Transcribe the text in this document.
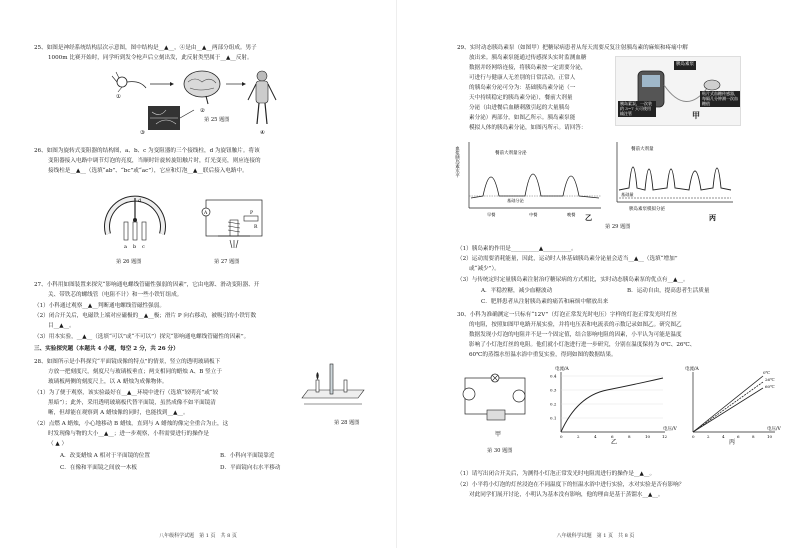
25、如图是神经系统结构层次示意图，图中结构是__▲__，④是由__▲__两部分组成。男子
1000m 比赛开始时，同学听到发令枪声后立刻出发，此反射类型属于__▲__反射。
①
②
④
③
第 25 题图
26、如图为旋转式变阻器的结构图，a、b、c 为变阻器的三个接线柱，d 为旋钮触片。将该
变阻器接入电路中调节灯泡的亮度，当顺时针旋转旋钮触片时，灯光变亮，则应连接的
接线柱是__▲__（选填“ab”、“bc”或“ac”），它应和灯泡__▲__联后接入电路中。
a b c
d
第 26 题图
A	P
R
第 27 题图
27、小科用如图装置来探究“影响通电螺线管磁性强弱的因素”，它由电源、滑动变阻器、开
关、带铁芯的螺线管（电阻不计）和一些小铁钉组成。
（1）小科通过观察__▲__判断通电螺线管磁性强弱。
（2）闭合开关后，电磁铁上端对应磁极的__▲__极；滑片 P 向右移动，被吸引的小铁钉数
目__▲__。
（3）用本实验，__▲__（选填“可以”或“不可以”）探究“影响通电螺线管磁性的因素”。
三、实验探究题（本题共 4 小题，每空 2 分，共 26 分）
28、如图所示是小科探究“平面镜成像的特点”的情景，竖立的透明玻璃板下
方放一把刻度尺，刻度尺与玻璃板垂直；两支相同的蜡烛 A、B 竖立于
玻璃板两侧的刻度尺上，以 A 蜡烛为成像物体。
（1）为了便于观察，该实验最好在__▲__环境中进行（选填“较明亮”或“较
黑暗”）；此外，采用透明玻璃板代替平面镜，虽然成像不如平面镜清
晰，但却能在观察到 A 蜡烛像的同时，也能找到__▲__。
（2）点燃 A 蜡烛，小心地移动 B 蜡烛，直到与 A 蜡烛的像完全重合为止，这
时发现像与物的大小__▲__；进一步观察，小科需要进行的操作是
（ ▲ ）
A．改变蜡烛 A 相对于平面镜的位置	B．小科向平面镜靠近
C．在像和平面镜之间放一木板	D．平面镜向右水平移动
第 28 题图
八年级科学试题　第 1 页　共 8 页
29、实时动态胰岛素泵（如图甲）把糖尿病患者从每天需要反复注射胰岛素的麻烦和疼痛中解
放出来。胰岛素泵能通过传感探头实时监测血糖
数据并经网络连接，将胰岛素按一定需要分泌，
可进行与健康人无差别的日常活动。正常人
的胰岛素分泌可分为：基础胰岛素分泌（一
天中持续稳定的胰岛素分泌），餐前大剂量
分泌（由进餐后血糖刺激引起的大量胰岛
素分泌）两部分，如图乙所示。胰岛素泵能
模拟人体的胰岛素分泌，如图丙所示。请回答：
胰岛素泵
胰岛素泵，一次装约 3~7 天可使用 输注管
贴片式血糖传感器，每隔几分钟测一次血糖值
甲
血浆胰岛素水平	餐前大剂量分泌
基础分泌
早餐	中餐	晚餐 乙
餐前大剂量
基础量
胰岛素泵模拟分泌
丙
第 29 题图
（1）胰岛素的作用是__________▲__________。
（2）运动需要消耗能量，因此，运动时人体基础胰岛素分泌量会适当__▲__（选填“增加”
或“减少”）。
（3）与传统定时定量胰岛素注射治疗糖尿病的方式相比，实时动态胰岛素泵的优点有__▲__。
A．平稳控糖，减少血糖波动	B．运动自由，提高患者生活质量
C．肥胖患者从注射胰岛素的痛苦和麻烦中解放出来
30、小科为准确测定一只标有“12V”（灯泡正常发光时电压）字样的灯泡正常发光时灯丝
的电阻，按照如图甲电路开展实验，并将电压表和电流表的示数记录如图乙。研究图乙
数据发现小灯泡的电阻并不是一个固定值，结合影响电阻的因素，小平认为可能是温度
影响了小灯泡灯丝的电阻。他们就小灯泡进行进一步研究，分别在温度保持为 0℃、26℃、
60℃的蒸馏水恒温水浴中重复实验，得到如图的数据结果。
甲
电流/A
0	2	4	6	8	10	12
0.1
0.2
0.3
0.4
电压/V
乙
电流/A
0℃
26℃
60℃
0	2	4	6	8	10
电压/V
丙
第 30 题图
（1）请写出闭合开关后，为测得小灯泡正常发光时电阻需进行的操作是__▲__。
（2）小平将小灯泡的灯丝浸泡在不同温度下的恒温水浴中进行实验，水对实验是否有影响？
对此同学们展开讨论，小明认为基本没有影响，他的理由是基于蒸馏水__▲__。
八年级科学试题　第 1 页　共 8 页
